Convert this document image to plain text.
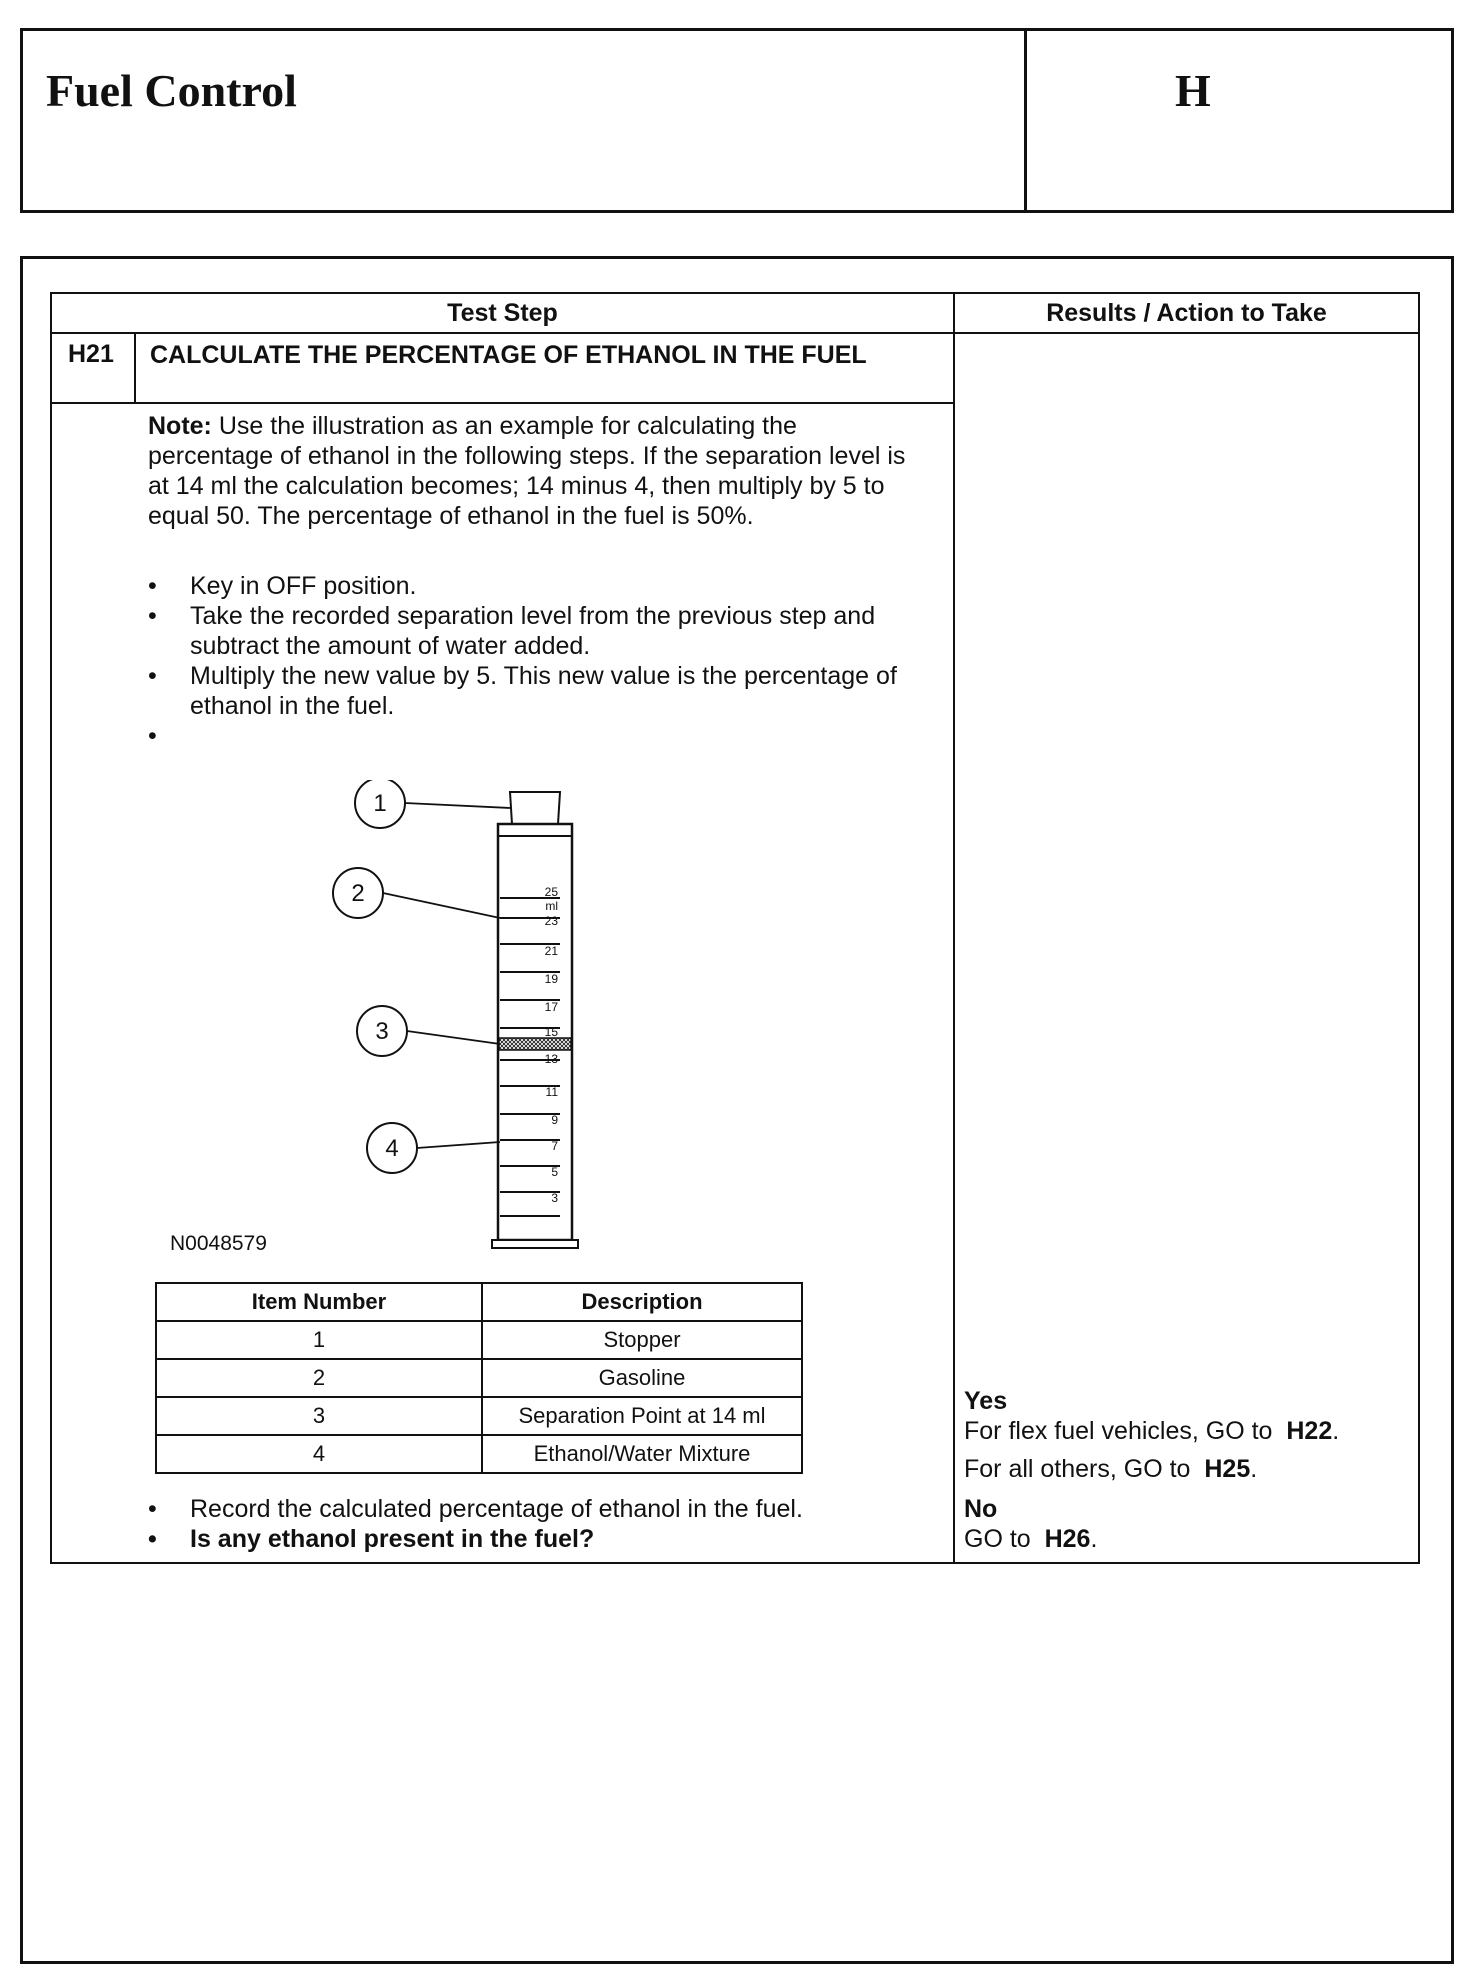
Fuel Control	H
Test Step	Results / Action to Take
H21 CALCULATE THE PERCENTAGE OF ETHANOL IN THE FUEL
Note: Use the illustration as an example for calculating the percentage of ethanol in the following steps. If the separation level is at 14 ml the calculation becomes; 14 minus 4, then multiply by 5 to equal 50. The percentage of ethanol in the fuel is 50%.
• Key in OFF position.
• Take the recorded separation level from the previous step and subtract the amount of water added.
• Multiply the new value by 5. This new value is the percentage of ethanol in the fuel.
•
25
ml
23
21
19
17
15
13
11
9
7
5
3
1
2
3
4
N0048579
Item Number	Description
1	Stopper
2	Gasoline
3	Separation Point at 14 ml
4	Ethanol/Water Mixture
• Record the calculated percentage of ethanol in the fuel.
• Is any ethanol present in the fuel?
Yes
For flex fuel vehicles, GO to H22.
For all others, GO to H25.
No
GO to H26.
